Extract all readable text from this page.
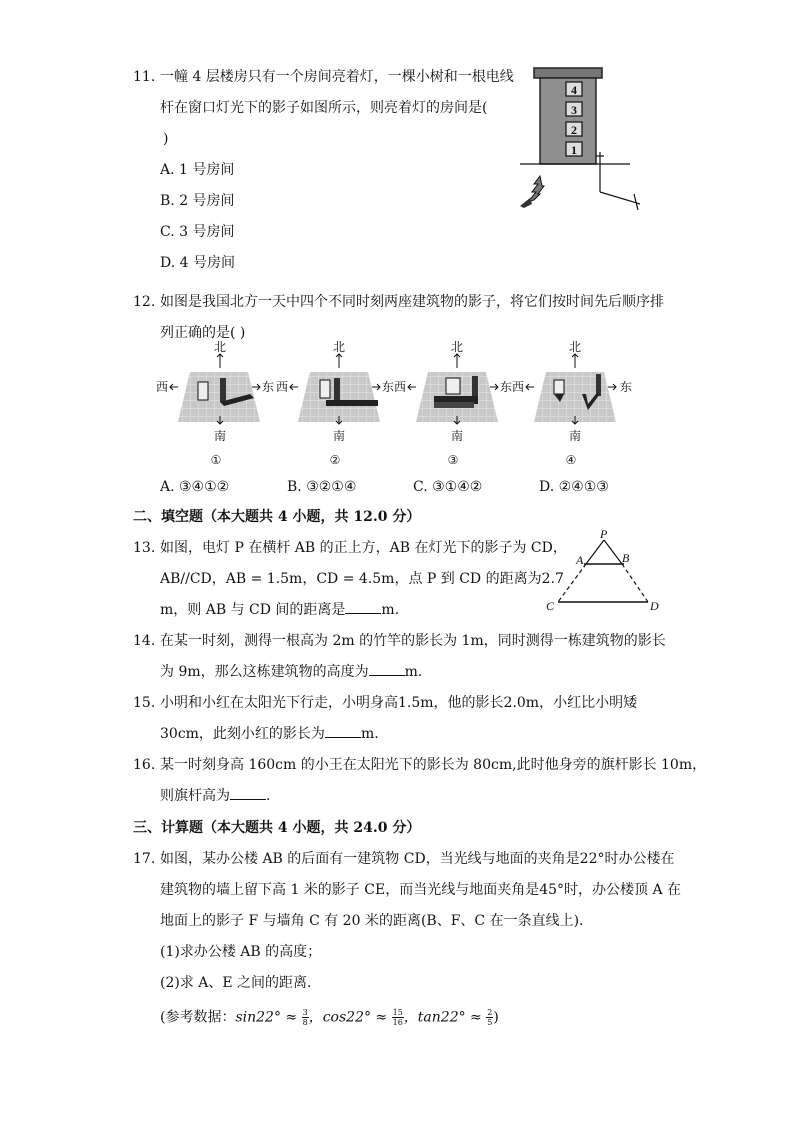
11. 一幢 4 层楼房只有一个房间亮着灯，一棵小树和一根电线
杆在窗口灯光下的影子如图所示，则亮着灯的房间是(
)
A. 1 号房间
B. 2 号房间
C. 3 号房间
D. 4 号房间
4
3
2
1
12. 如图是我国北方一天中四个不同时刻两座建筑物的影子，将它们按时间先后顺序排
列正确的是( )
北
南
西	东
①
北
南
西	东
②
北
南
西	东
③
北
南
西	东
④
A. ③④①②	B. ③②①④	C. ③①④②	D. ②④①③
二、填空题（本大题共 4 小题，共 12.0 分）
13. 如图，电灯 P 在横杆 AB 的正上方，AB 在灯光下的影子为 CD，
AB//CD，AB = 1.5m，CD = 4.5m，点 P 到 CD 的距离为2.7
m，则 AB 与 CD 间的距离是	m.
P
A	B
C	D
14. 在某一时刻，测得一根高为 2m 的竹竿的影长为 1m，同时测得一栋建筑物的影长
为 9m，那么这栋建筑物的高度为	m.
15. 小明和小红在太阳光下行走，小明身高1.5m，他的影长2.0m，小红比小明矮
30cm，此刻小红的影长为	m.
16. 某一时刻身高 160cm 的小王在太阳光下的影长为 80cm,此时他身旁的旗杆影长 10m，
则旗杆高为	.
三、计算题（本大题共 4 小题，共 24.0 分）
17. 如图，某办公楼 AB 的后面有一建筑物 CD，当光线与地面的夹角是22°时办公楼在
建筑物的墙上留下高 1 米的影子 CE，而当光线与地面夹角是45°时，办公楼顶 A 在
地面上的影子 F 与墙角 C 有 20 米的距离(B、F、C 在一条直线上)．
(1)求办公楼 AB 的高度；
(2)求 A、E 之间的距离．
(参考数据：$\sin 22^\circ \approx \frac{3}{8}$ ，$\cos 22^\circ \approx \frac{15}{16}$ ，$\tan 22^\circ \approx \frac{2}{5}$ )
